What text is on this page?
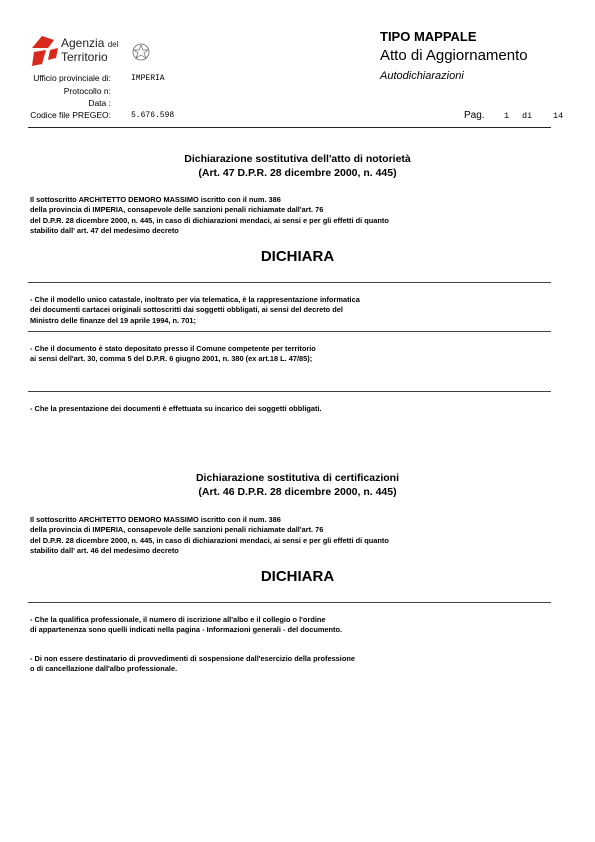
Agenzia del
Territorio
TIPO MAPPALE
Atto di Aggiornamento
Autodichiarazioni
Ufficio provinciale di:	IMPERIA
Protocollo n:
Data :
Codice file PREGEO:	5.676.598	Pag. 1 di 14
Dichiarazione sostitutiva dell'atto di notorietà
(Art. 47 D.P.R. 28 dicembre 2000, n. 445)
Il sottoscritto ARCHITETTO DEMORO MASSIMO iscritto con il num. 386
della provincia di IMPERIA, consapevole delle sanzioni penali richiamate dall'art. 76
del D.P.R. 28 dicembre 2000, n. 445, in caso di dichiarazioni mendaci, ai sensi e per gli effetti di quanto
stabilito dall' art. 47 del medesimo decreto
DICHIARA
- Che il modello unico catastale, inoltrato per via telematica, è la rappresentazione informatica
dei documenti cartacei originali sottoscritti dai soggetti obbligati, ai sensi del decreto del
Ministro delle finanze del 19 aprile 1994, n. 701;
- Che il documento è stato depositato presso il Comune competente per territorio
ai sensi dell'art. 30, comma 5 del D.P.R. 6 giugno 2001, n. 380 (ex art.18 L. 47/85);
- Che la presentazione dei documenti è effettuata su incarico dei soggetti obbligati.
Dichiarazione sostitutiva di certificazioni
(Art. 46 D.P.R. 28 dicembre 2000, n. 445)
Il sottoscritto ARCHITETTO DEMORO MASSIMO iscritto con il num. 386
della provincia di IMPERIA, consapevole delle sanzioni penali richiamate dall'art. 76
del D.P.R. 28 dicembre 2000, n. 445, in caso di dichiarazioni mendaci, ai sensi e per gli effetti di quanto
stabilito dall' art. 46 del medesimo decreto
DICHIARA
- Che la qualifica professionale, il numero di iscrizione all'albo e il collegio o l'ordine
di appartenenza sono quelli indicati nella pagina - Informazioni generali - del documento.
- Di non essere destinatario di provvedimenti di sospensione dall'esercizio della professione
o di cancellazione dall'albo professionale.
